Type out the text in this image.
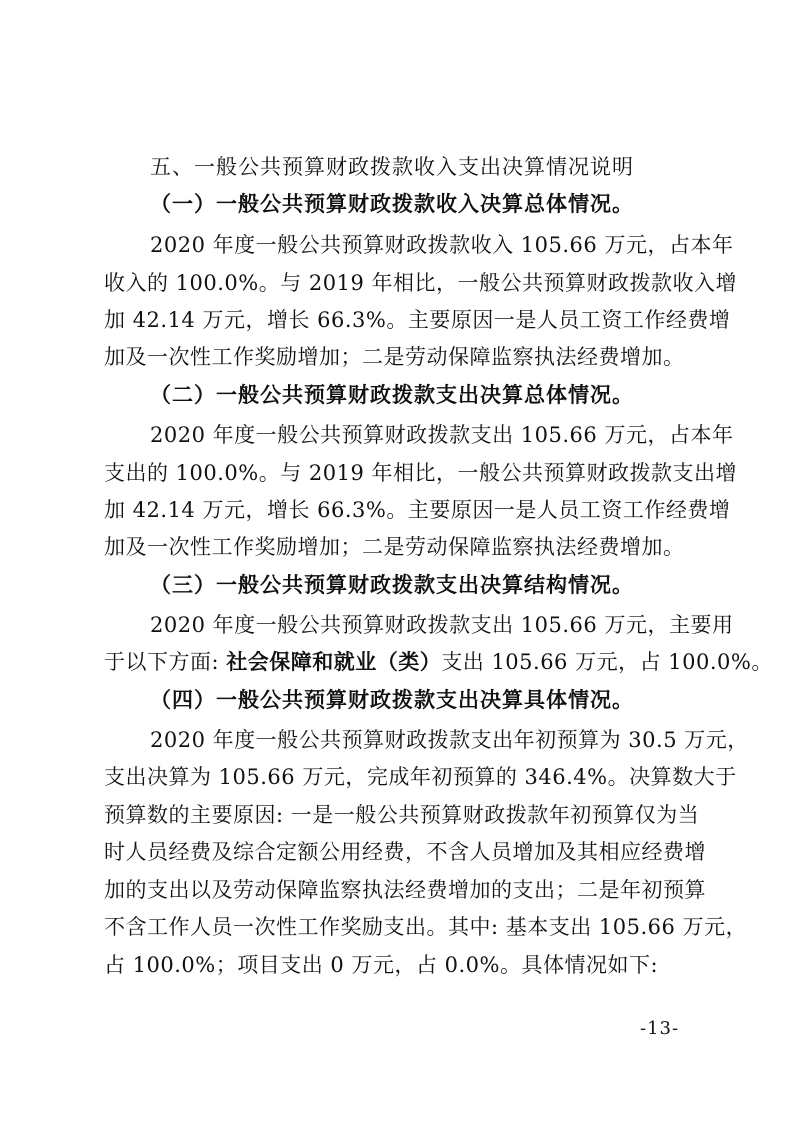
五、一般公共预算财政拨款收入支出决算情况说明
（一）一般公共预算财政拨款收入决算总体情况。
2020 年度一般公共预算财政拨款收入 105.66 万元，占本年
收入的 100.0%。与 2019 年相比，一般公共预算财政拨款收入增
加 42.14 万元，增长 66.3%。主要原因一是人员工资工作经费增
加及一次性工作奖励增加；二是劳动保障监察执法经费增加。
（二）一般公共预算财政拨款支出决算总体情况。
2020 年度一般公共预算财政拨款支出 105.66 万元，占本年
支出的 100.0%。与 2019 年相比，一般公共预算财政拨款支出增
加 42.14 万元，增长 66.3%。主要原因一是人员工资工作经费增
加及一次性工作奖励增加；二是劳动保障监察执法经费增加。
（三）一般公共预算财政拨款支出决算结构情况。
2020 年度一般公共预算财政拨款支出 105.66 万元，主要用
于以下方面: 社会保障和就业（类）支出 105.66 万元，占 100.0%。
（四）一般公共预算财政拨款支出决算具体情况。
2020 年度一般公共预算财政拨款支出年初预算为 30.5 万元，
支出决算为 105.66 万元，完成年初预算的 346.4%。决算数大于
预算数的主要原因: 一是一般公共预算财政拨款年初预算仅为当
时人员经费及综合定额公用经费，不含人员增加及其相应经费增
加的支出以及劳动保障监察执法经费增加的支出；二是年初预算
不含工作人员一次性工作奖励支出。其中: 基本支出 105.66 万元，
占 100.0%；项目支出 0 万元，占 0.0%。具体情况如下:
-13-
